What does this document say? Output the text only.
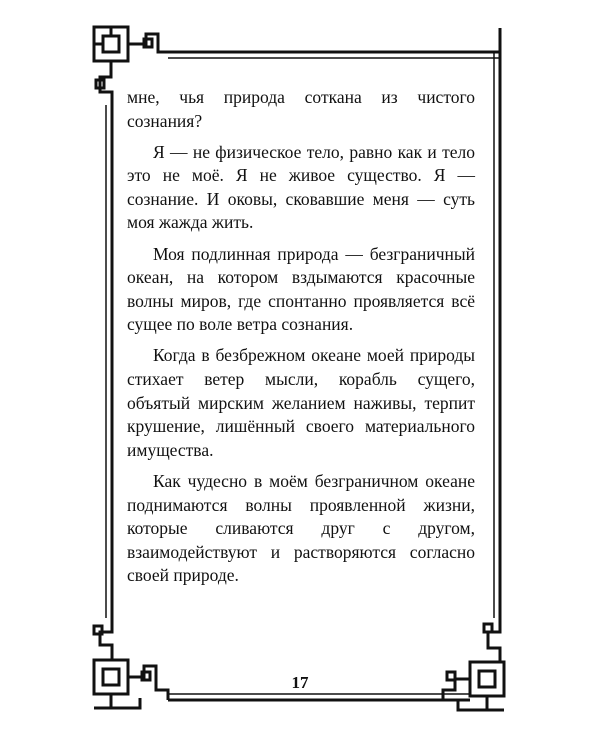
мне, чья природа соткана из чистого сознания?

Я — не физическое тело, равно как и тело это не моё. Я не живое существо. Я — сознание. И оковы, сковавшие меня — суть моя жажда жить.

Моя подлинная природа — безграничный океан, на котором вздымаются красочные волны миров, где спонтанно проявляется всё сущее по воле ветра сознания.

Когда в безбрежном океане моей природы стихает ветер мысли, корабль сущего, объятый мирским желанием наживы, терпит крушение, лишённый своего материального имущества.

Как чудесно в моём безграничном океане поднимаются волны проявленной жизни, которые сливаются друг с другом, взаимодействуют и растворяются согласно своей природе.

17
